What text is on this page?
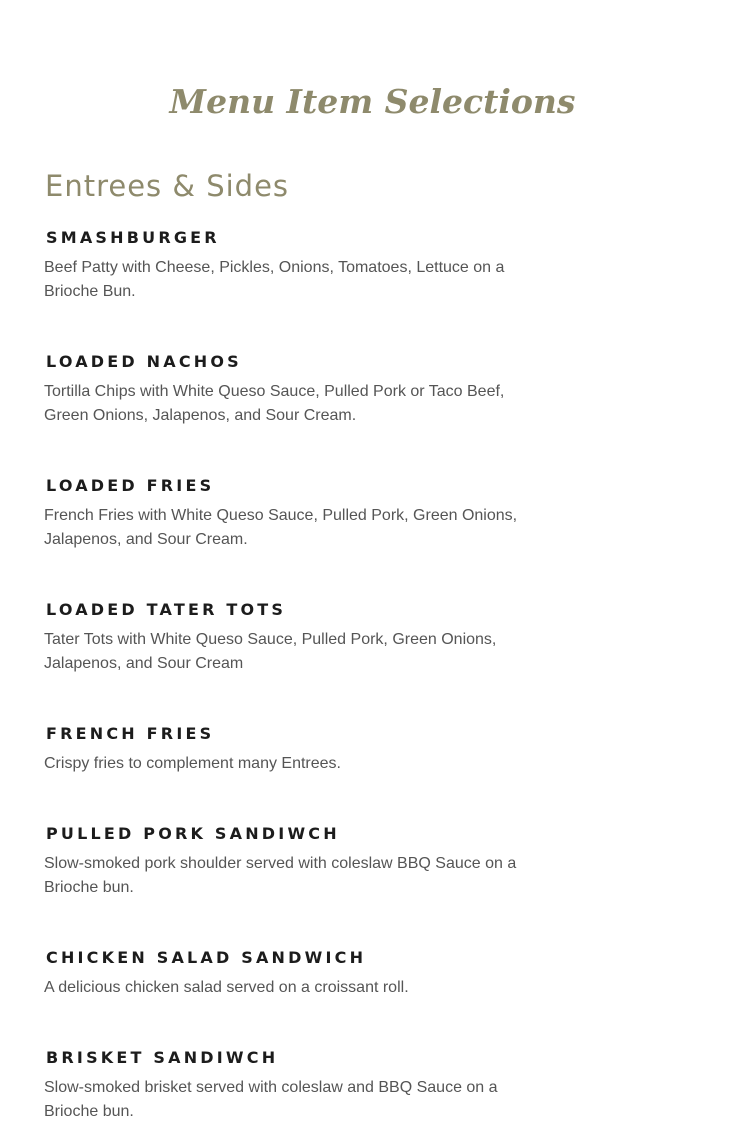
Menu Item Selections
Entrees & Sides
SMASHBURGER
Beef Patty with Cheese, Pickles, Onions, Tomatoes, Lettuce on a Brioche Bun.
LOADED NACHOS
Tortilla Chips with White Queso Sauce, Pulled Pork or Taco Beef, Green Onions, Jalapenos, and Sour Cream.
LOADED FRIES
French Fries with White Queso Sauce, Pulled Pork, Green Onions, Jalapenos, and Sour Cream.
LOADED TATER TOTS
Tater Tots with White Queso Sauce, Pulled Pork, Green Onions, Jalapenos, and Sour Cream
FRENCH FRIES
Crispy fries to complement many Entrees.
PULLED PORK SANDIWCH
Slow-smoked pork shoulder served with coleslaw BBQ Sauce on a Brioche bun.
CHICKEN SALAD SANDWICH
A delicious chicken salad served on a croissant roll.
BRISKET SANDIWCH
Slow-smoked brisket served with coleslaw and BBQ Sauce on a Brioche bun.
